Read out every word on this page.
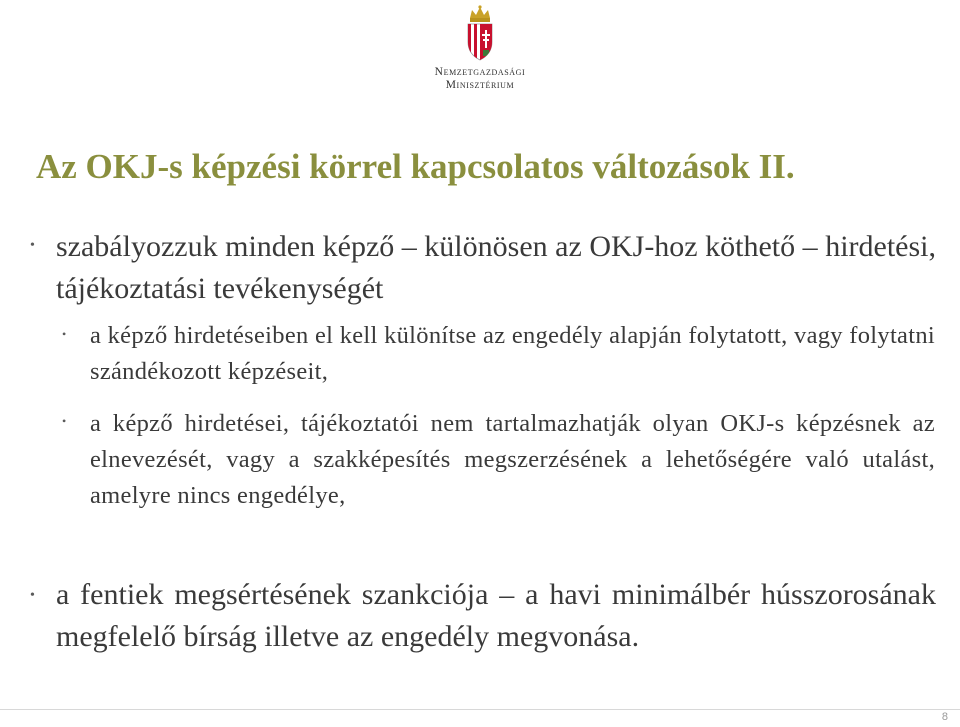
Nemzetgazdasági
Minisztérium
Az OKJ-s képzési körrel kapcsolatos változások II.
• szabályozzuk minden képző – különösen az OKJ-hoz köthető – hirdetési, tájékoztatási tevékenységét
• a képző hirdetéseiben el kell különítse az engedély alapján folytatott, vagy folytatni szándékozott képzéseit,
• a képző hirdetései, tájékoztatói nem tartalmazhatják olyan OKJ-s képzésnek az elnevezését, vagy a szakképesítés megszerzésének a lehetőségére való utalást, amelyre nincs engedélye,
• a fentiek megsértésének szankciója – a havi minimálbér hússzorosának megfelelő bírság illetve az engedély megvonása.
8
